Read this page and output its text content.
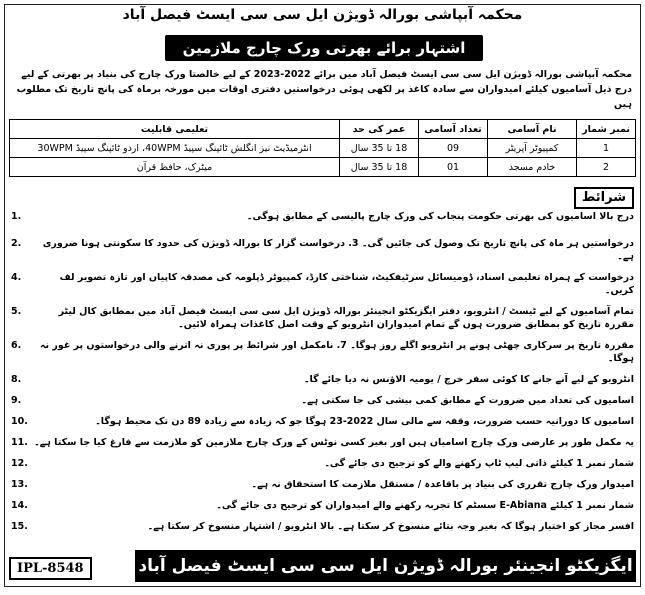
محکمہ آبپاشی بورالہ ڈویژن ایل سی سی ایسٹ فیصل آباد
اشتہار برائے بھرتی ورک چارج ملازمین
محکمہ آبپاشی بورالہ ڈویژن ایل سی سی ایسٹ فیصل آباد میں برائے 2022-2023 کے لیے خالصتا ورک چارج کی بنیاد پر بھرتی کے لیے درج ذیل آسامیوں کیلئے امیدواران سے سادہ کاغذ پر لکھی ہوئی درخواستیں دفتری اوقات میں مورخہ برماہ کی پانچ تاریخ تک مطلوب ہیں
نمبر شمار	نام آسامی	تعداد آسامی	عمر کی حد	تعلیمی قابلیت
1	کمپیوٹر آپریٹر	09	18 تا 35 سال	انٹرمیڈیٹ نیز انگلش ٹائپنگ سپیڈ 40WPM، اردو ٹائپنگ سپیڈ 30WPM
2	خادم مسجد	01	18 تا 35 سال	میٹرک، حافظ قرآن
شرائط
1.	درج بالا اسامیوں کی بھرتی حکومت پنجاب کی ورک چارج پالیسی کے مطابق ہوگی۔
2.	درخواستیں ہر ماہ کی پانچ تاریخ تک وصول کی جائیں گی۔ 3. درخواست گزار کا بورالہ ڈویژن کی حدود کا سکونتی ہونا ضروری ہے۔
4.	درخواست کے ہمراہ تعلیمی اسناد، ڈومیسائل سرٹیفکیٹ، شناختی کارڈ، کمپیوٹر ڈپلومہ کی مصدقہ کاپیاں اور تازہ تصویر لف کریں۔
5.	تمام آسامیوں کے لیے ٹیسٹ / انٹرویو، دفتر ایگزیکٹو انجینئر بورالہ ڈویژن ایل سی سی ایسٹ فیصل آباد میں بمطابق کال لیٹر مقررہ تاریخ کو بمطابق ضرورت ہوں گے تمام امیدواران انٹرویو کے وقت اصل کاغذات ہمراہ لائیں۔
6.	مقررہ تاریخ پر سرکاری چھٹی ہونے پر انٹرویو اگلے روز ہوگا۔ 7. نامکمل اور شرائط پر پوری نہ اترنے والی درخواستوں پر غور نہ ہوگا۔
8.	انٹرویو کے لیے آنے جانے کا کوئی سفر خرچ / یومیہ الاؤنس نہ دیا جائے گا۔
9.	اسامیوں کی تعداد میں ضرورت کے مطابق کمی بیشی کی جا سکتی ہے۔
10.	اسامیوں کا دورانیہ حسب ضرورت، وقفہ سے مالی سال 2022-23 ہوگا جو کہ زیادہ سے زیادہ 89 دن تک محیط ہوگا۔
11. یہ مکمل طور پر عارضی ورک چارج اسامیاں ہیں اور بغیر کسی نوٹس کے ورک چارج ملازمین کو ملازمت سے فارغ کیا جا سکتا ہے۔
12.	شمار نمبر 1 کیلئے ذاتی لیپ ٹاپ رکھنے والے کو ترجیح دی جائے گی۔
13.	امیدوار ورک چارج تقرری کی بنیاد پر باقاعدہ / مستقل ملازمت کا استحقاق نہ ہے۔
14.	شمار نمبر 1 کیلئے E-Abiana سسٹم کا تجربہ رکھنے والے امیدواران کو ترجیح دی جائے گی۔
15.	افسر مجاز کو اختیار ہوگا کہ بغیر وجہ بتائے منسوخ کر سکتا ہے۔ بالا انٹرویو / اشتہار منسوخ کر سکتا ہے۔
IPL-8548	ایگزیکٹو انجینئر بورالہ ڈویژن ایل سی سی ایسٹ فیصل آباد
